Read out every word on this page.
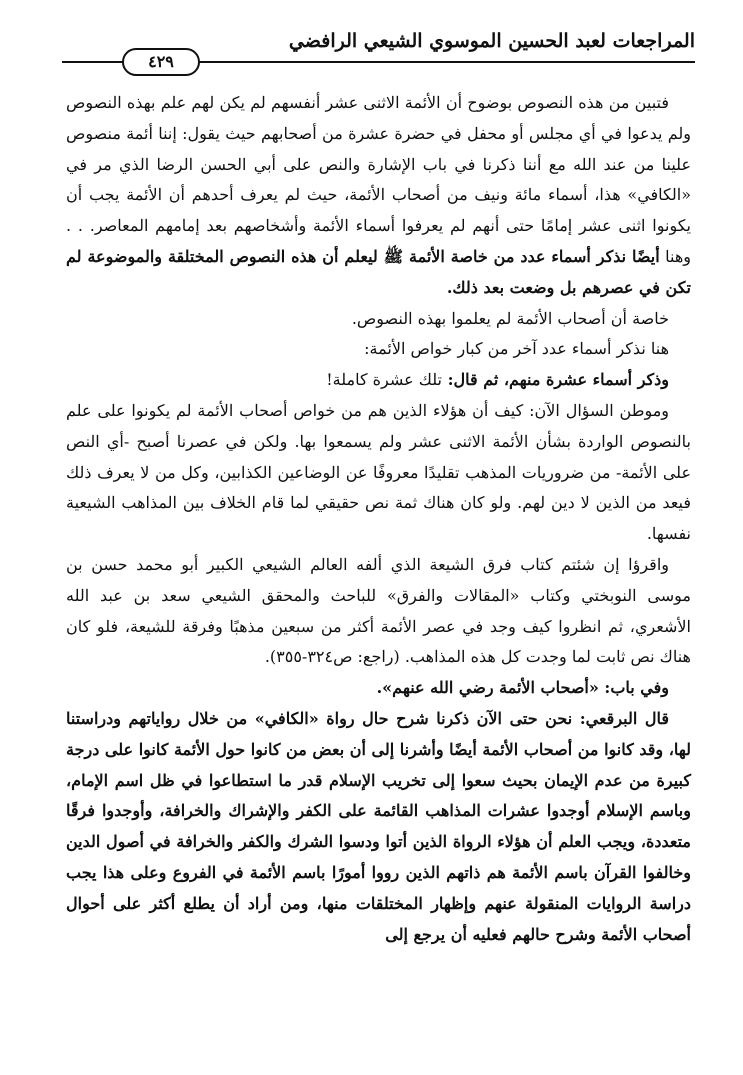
المراجعات لعبد الحسين الموسوي الشيعي الرافضي
٤٢٩

فتبين من هذه النصوص بوضوح أن الأئمة الاثنى عشر أنفسهم لم يكن لهم علم بهذه النصوص ولم يدعوا في أي مجلس أو محفل في حضرة عشرة من أصحابهم حيث يقول: إننا أئمة منصوص علينا من عند الله مع أننا ذكرنا في باب الإشارة والنص على أبي الحسن الرضا الذي مر في «الكافي» هذا، أسماء مائة ونيف من أصحاب الأئمة، حيث لم يعرف أحدهم أن الأئمة يجب أن يكونوا اثنى عشر إمامًا حتى أنهم لم يعرفوا أسماء الأئمة وأشخاصهم بعد إمامهم المعاصر. . . وهنا أيضًا نذكر أسماء عدد من خاصة الأئمة ﷺ ليعلم أن هذه النصوص المختلقة والموضوعة لم تكن في عصرهم بل وضعت بعد ذلك.

خاصة أن أصحاب الأئمة لم يعلموا بهذه النصوص.

هنا نذكر أسماء عدد آخر من كبار خواص الأئمة:

وذكر أسماء عشرة منهم، ثم قال: تلك عشرة كاملة!

وموطن السؤال الآن: كيف أن هؤلاء الذين هم من خواص أصحاب الأئمة لم يكونوا على علم بالنصوص الواردة بشأن الأئمة الاثنى عشر ولم يسمعوا بها. ولكن في عصرنا أصبح -أي النص على الأئمة- من ضروريات المذهب تقليدًا معروفًا عن الوضاعين الكذابين، وكل من لا يعرف ذلك فيعد من الذين لا دين لهم. ولو كان هناك ثمة نص حقيقي لما قام الخلاف بين المذاهب الشيعية نفسها.

واقرؤا إن شئتم كتاب فرق الشيعة الذي ألفه العالم الشيعي الكبير أبو محمد حسن بن موسى النوبختي وكتاب «المقالات والفرق» للباحث والمحقق الشيعي سعد بن عبد الله الأشعري، ثم انظروا كيف وجد في عصر الأئمة أكثر من سبعين مذهبًا وفرقة للشيعة، فلو كان هناك نص ثابت لما وجدت كل هذه المذاهب. (راجع: ص٣٢٤-٣٥٥).

وفي باب: «أصحاب الأئمة رضي الله عنهم».

قال البرقعي: نحن حتى الآن ذكرنا شرح حال رواة «الكافي» من خلال رواياتهم ودراستنا لها، وقد كانوا من أصحاب الأئمة أيضًا وأشرنا إلى أن بعض من كانوا حول الأئمة كانوا على درجة كبيرة من عدم الإيمان بحيث سعوا إلى تخريب الإسلام قدر ما استطاعوا في ظل اسم الإمام، وباسم الإسلام أوجدوا عشرات المذاهب القائمة على الكفر والإشراك والخرافة، وأوجدوا فرقًا متعددة، ويجب العلم أن هؤلاء الرواة الذين أتوا ودسوا الشرك والكفر والخرافة في أصول الدين وخالفوا القرآن باسم الأئمة هم ذاتهم الذين رووا أمورًا باسم الأئمة في الفروع وعلى هذا يجب دراسة الروايات المنقولة عنهم وإظهار المختلقات منها، ومن أراد أن يطلع أكثر على أحوال أصحاب الأئمة وشرح حالهم فعليه أن يرجع إلى
